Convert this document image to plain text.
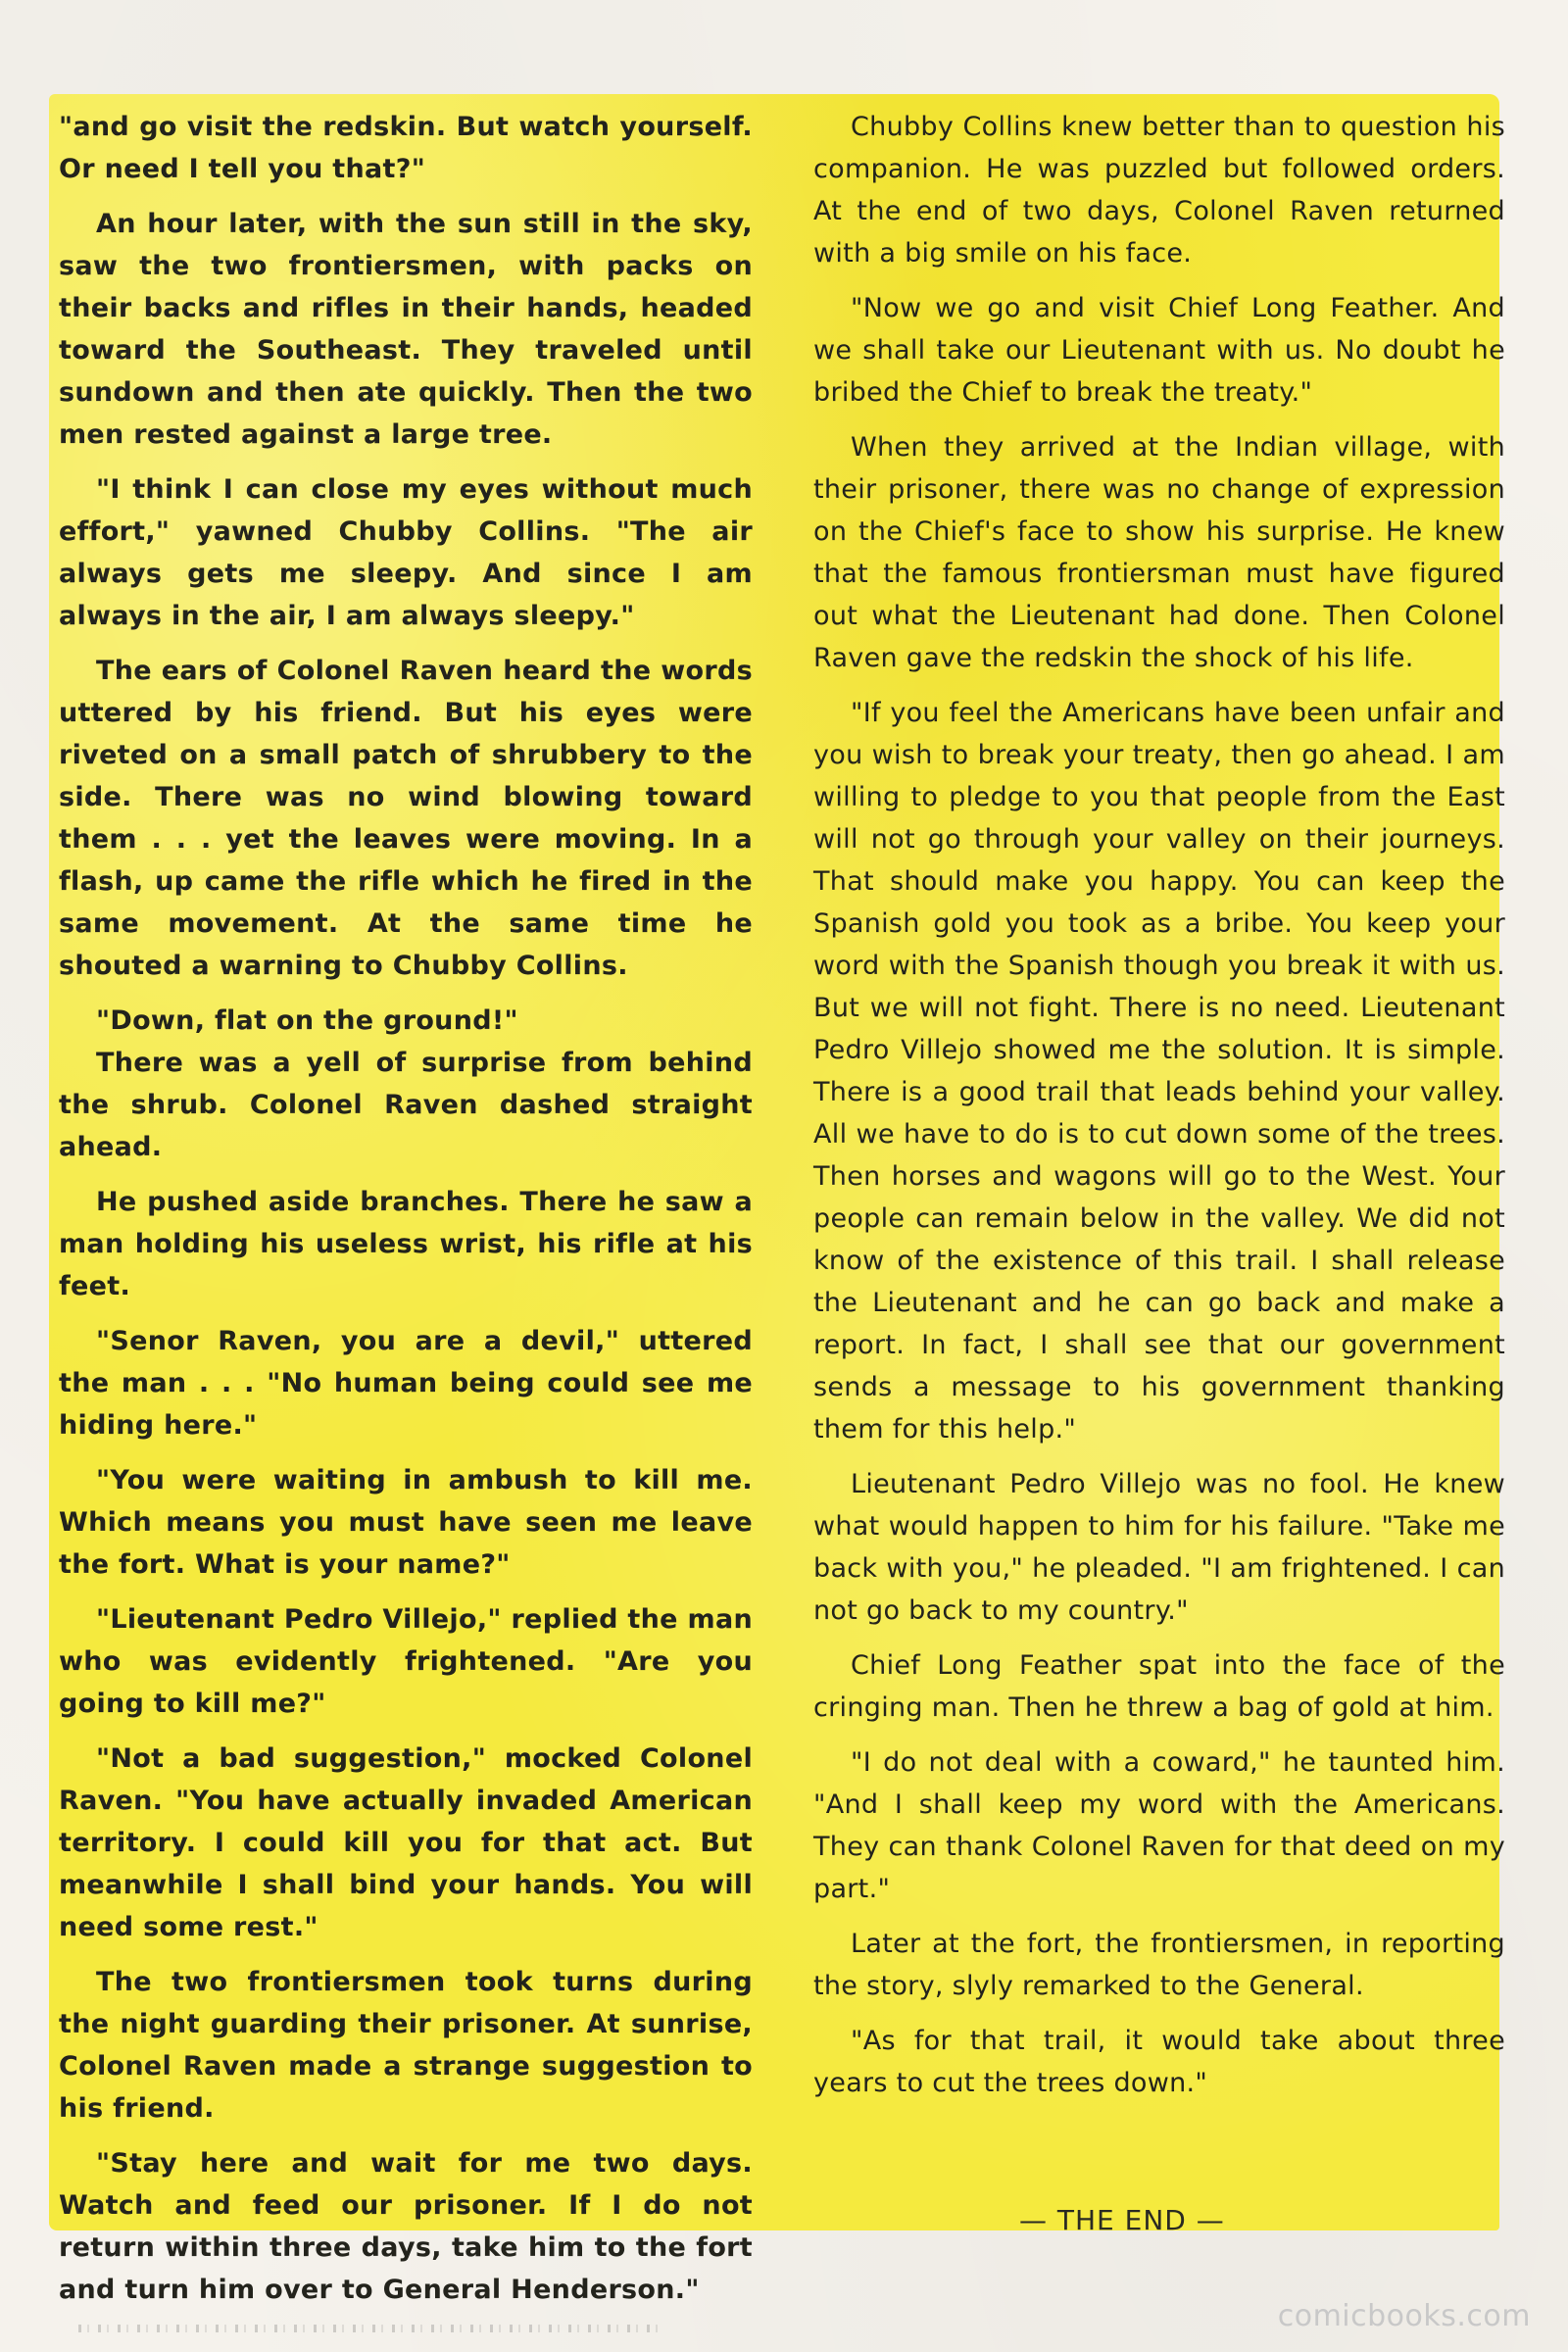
"and go visit the redskin. But watch yourself. Or need I tell you that?"

An hour later, with the sun still in the sky, saw the two frontiersmen, with packs on their backs and rifles in their hands, headed toward the Southeast. They traveled until sundown and then ate quickly. Then the two men rested against a large tree.

"I think I can close my eyes without much effort," yawned Chubby Collins. "The air always gets me sleepy. And since I am always in the air, I am always sleepy."

The ears of Colonel Raven heard the words uttered by his friend. But his eyes were riveted on a small patch of shrubbery to the side. There was no wind blowing toward them . . . yet the leaves were moving. In a flash, up came the rifle which he fired in the same movement. At the same time he shouted a warning to Chubby Collins.

"Down, flat on the ground!"

There was a yell of surprise from behind the shrub. Colonel Raven dashed straight ahead.

He pushed aside branches. There he saw a man holding his useless wrist, his rifle at his feet.

"Senor Raven, you are a devil," uttered the man . . . "No human being could see me hiding here."

"You were waiting in ambush to kill me. Which means you must have seen me leave the fort. What is your name?"

"Lieutenant Pedro Villejo," replied the man who was evidently frightened. "Are you going to kill me?"

"Not a bad suggestion," mocked Colonel Raven. "You have actually invaded American territory. I could kill you for that act. But meanwhile I shall bind your hands. You will need some rest."

The two frontiersmen took turns during the night guarding their prisoner. At sunrise, Colonel Raven made a strange suggestion to his friend.

"Stay here and wait for me two days. Watch and feed our prisoner. If I do not return within three days, take him to the fort and turn him over to General Henderson."

Chubby Collins knew better than to question his companion. He was puzzled but followed orders. At the end of two days, Colonel Raven returned with a big smile on his face.

"Now we go and visit Chief Long Feather. And we shall take our Lieutenant with us. No doubt he bribed the Chief to break the treaty."

When they arrived at the Indian village, with their prisoner, there was no change of expression on the Chief's face to show his surprise. He knew that the famous frontiersman must have figured out what the Lieutenant had done. Then Colonel Raven gave the redskin the shock of his life.

"If you feel the Americans have been unfair and you wish to break your treaty, then go ahead. I am willing to pledge to you that people from the East will not go through your valley on their journeys. That should make you happy. You can keep the Spanish gold you took as a bribe. You keep your word with the Spanish though you break it with us. But we will not fight. There is no need. Lieutenant Pedro Villejo showed me the solution. It is simple. There is a good trail that leads behind your valley. All we have to do is to cut down some of the trees. Then horses and wagons will go to the West. Your people can remain below in the valley. We did not know of the existence of this trail. I shall release the Lieutenant and he can go back and make a report. In fact, I shall see that our government sends a message to his government thanking them for this help."

Lieutenant Pedro Villejo was no fool. He knew what would happen to him for his failure. "Take me back with you," he pleaded. "I am frightened. I can not go back to my country."

Chief Long Feather spat into the face of the cringing man. Then he threw a bag of gold at him.

"I do not deal with a coward," he taunted him. "And I shall keep my word with the Americans. They can thank Colonel Raven for that deed on my part."

Later at the fort, the frontiersmen, in reporting the story, slyly remarked to the General.

"As for that trail, it would take about three years to cut the trees down."

— THE END —
comicbooks.com
